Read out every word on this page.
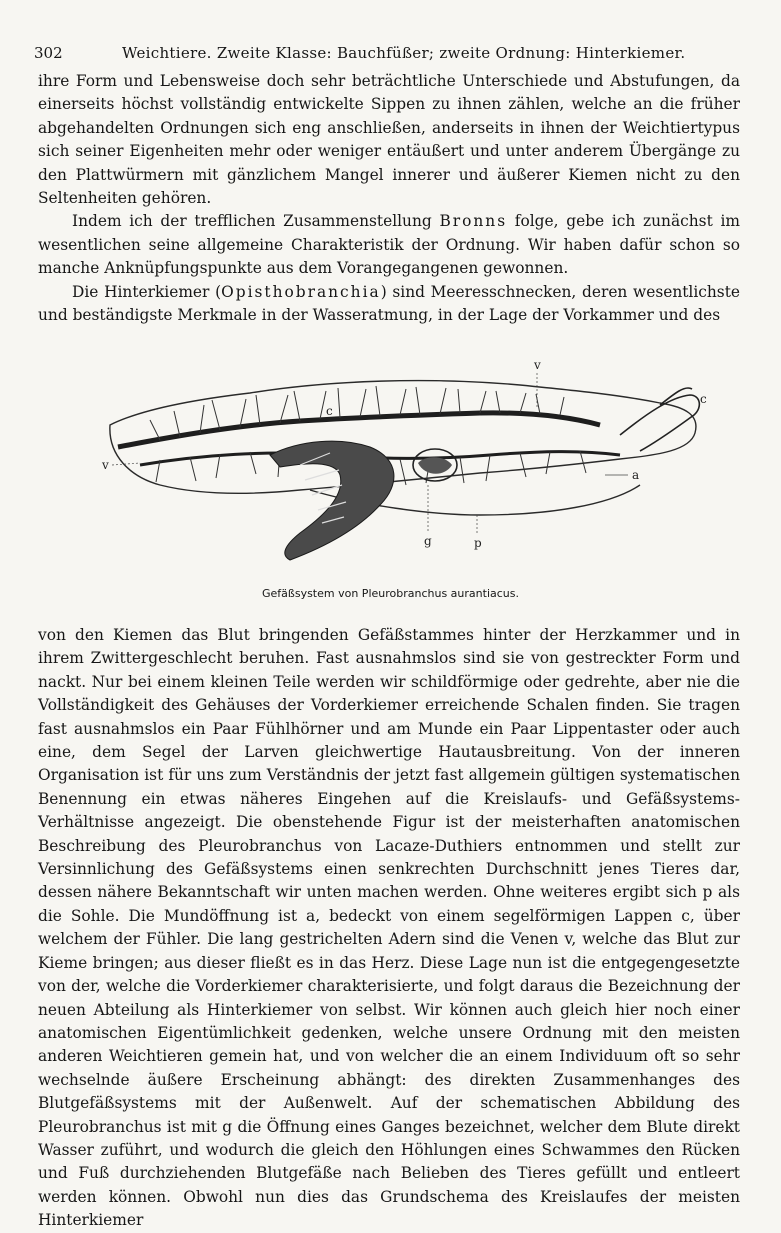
302	Weichtiere. Zweite Klasse: Bauchfüßer; zweite Ordnung: Hinterkiemer.

ihre Form und Lebensweise doch sehr beträchtliche Unterschiede und Abstufungen, da einerseits höchst vollständig entwickelte Sippen zu ihnen zählen, welche an die früher abgehandelten Ordnungen sich eng anschließen, anderseits in ihnen der Weichtiertypus sich seiner Eigenheiten mehr oder weniger entäußert und unter anderem Übergänge zu den Plattwürmern mit gänzlichem Mangel innerer und äußerer Kiemen nicht zu den Seltenheiten gehören.

Indem ich der trefflichen Zusammenstellung Bronns folge, gebe ich zunächst im wesentlichen seine allgemeine Charakteristik der Ordnung. Wir haben dafür schon so manche Anknüpfungspunkte aus dem Vorangegangenen gewonnen.

Die Hinterkiemer (Opisthobranchia) sind Meeresschnecken, deren wesentlichste und beständigste Merkmale in der Wasseratmung, in der Lage der Vorkammer und des

v
c
c
v
a
g	p
Gefäßsystem von Pleurobranchus aurantiacus.

von den Kiemen das Blut bringenden Gefäßstammes hinter der Herzkammer und in ihrem Zwittergeschlecht beruhen. Fast ausnahmslos sind sie von gestreckter Form und nackt. Nur bei einem kleinen Teile werden wir schildförmige oder gedrehte, aber nie die Vollständigkeit des Gehäuses der Vorderkiemer erreichende Schalen finden. Sie tragen fast ausnahmslos ein Paar Fühlhörner und am Munde ein Paar Lippentaster oder auch eine, dem Segel der Larven gleichwertige Hautausbreitung. Von der inneren Organisation ist für uns zum Verständnis der jetzt fast allgemein gültigen systematischen Benennung ein etwas näheres Eingehen auf die Kreislaufs- und Gefäßsystems-Verhältnisse angezeigt. Die obenstehende Figur ist der meisterhaften anatomischen Beschreibung des Pleurobranchus von Lacaze-Duthiers entnommen und stellt zur Versinnlichung des Gefäßsystems einen senkrechten Durchschnitt jenes Tieres dar, dessen nähere Bekanntschaft wir unten machen werden. Ohne weiteres ergibt sich p als die Sohle. Die Mundöffnung ist a, bedeckt von einem segelförmigen Lappen c, über welchem der Fühler. Die lang gestrichelten Adern sind die Venen v, welche das Blut zur Kieme bringen; aus dieser fließt es in das Herz. Diese Lage nun ist die entgegengesetzte von der, welche die Vorderkiemer charakterisierte, und folgt daraus die Bezeichnung der neuen Abteilung als Hinterkiemer von selbst. Wir können auch gleich hier noch einer anatomischen Eigentümlichkeit gedenken, welche unsere Ordnung mit den meisten anderen Weichtieren gemein hat, und von welcher die an einem Individuum oft so sehr wechselnde äußere Erscheinung abhängt: des direkten Zusammenhanges des Blutgefäßsystems mit der Außenwelt. Auf der schematischen Abbildung des Pleurobranchus ist mit g die Öffnung eines Ganges bezeichnet, welcher dem Blute direkt Wasser zuführt, und wodurch die gleich den Höhlungen eines Schwammes den Rücken und Fuß durchziehenden Blutgefäße nach Belieben des Tieres gefüllt und entleert werden können. Obwohl nun dies das Grundschema des Kreislaufes der meisten Hinterkiemer
